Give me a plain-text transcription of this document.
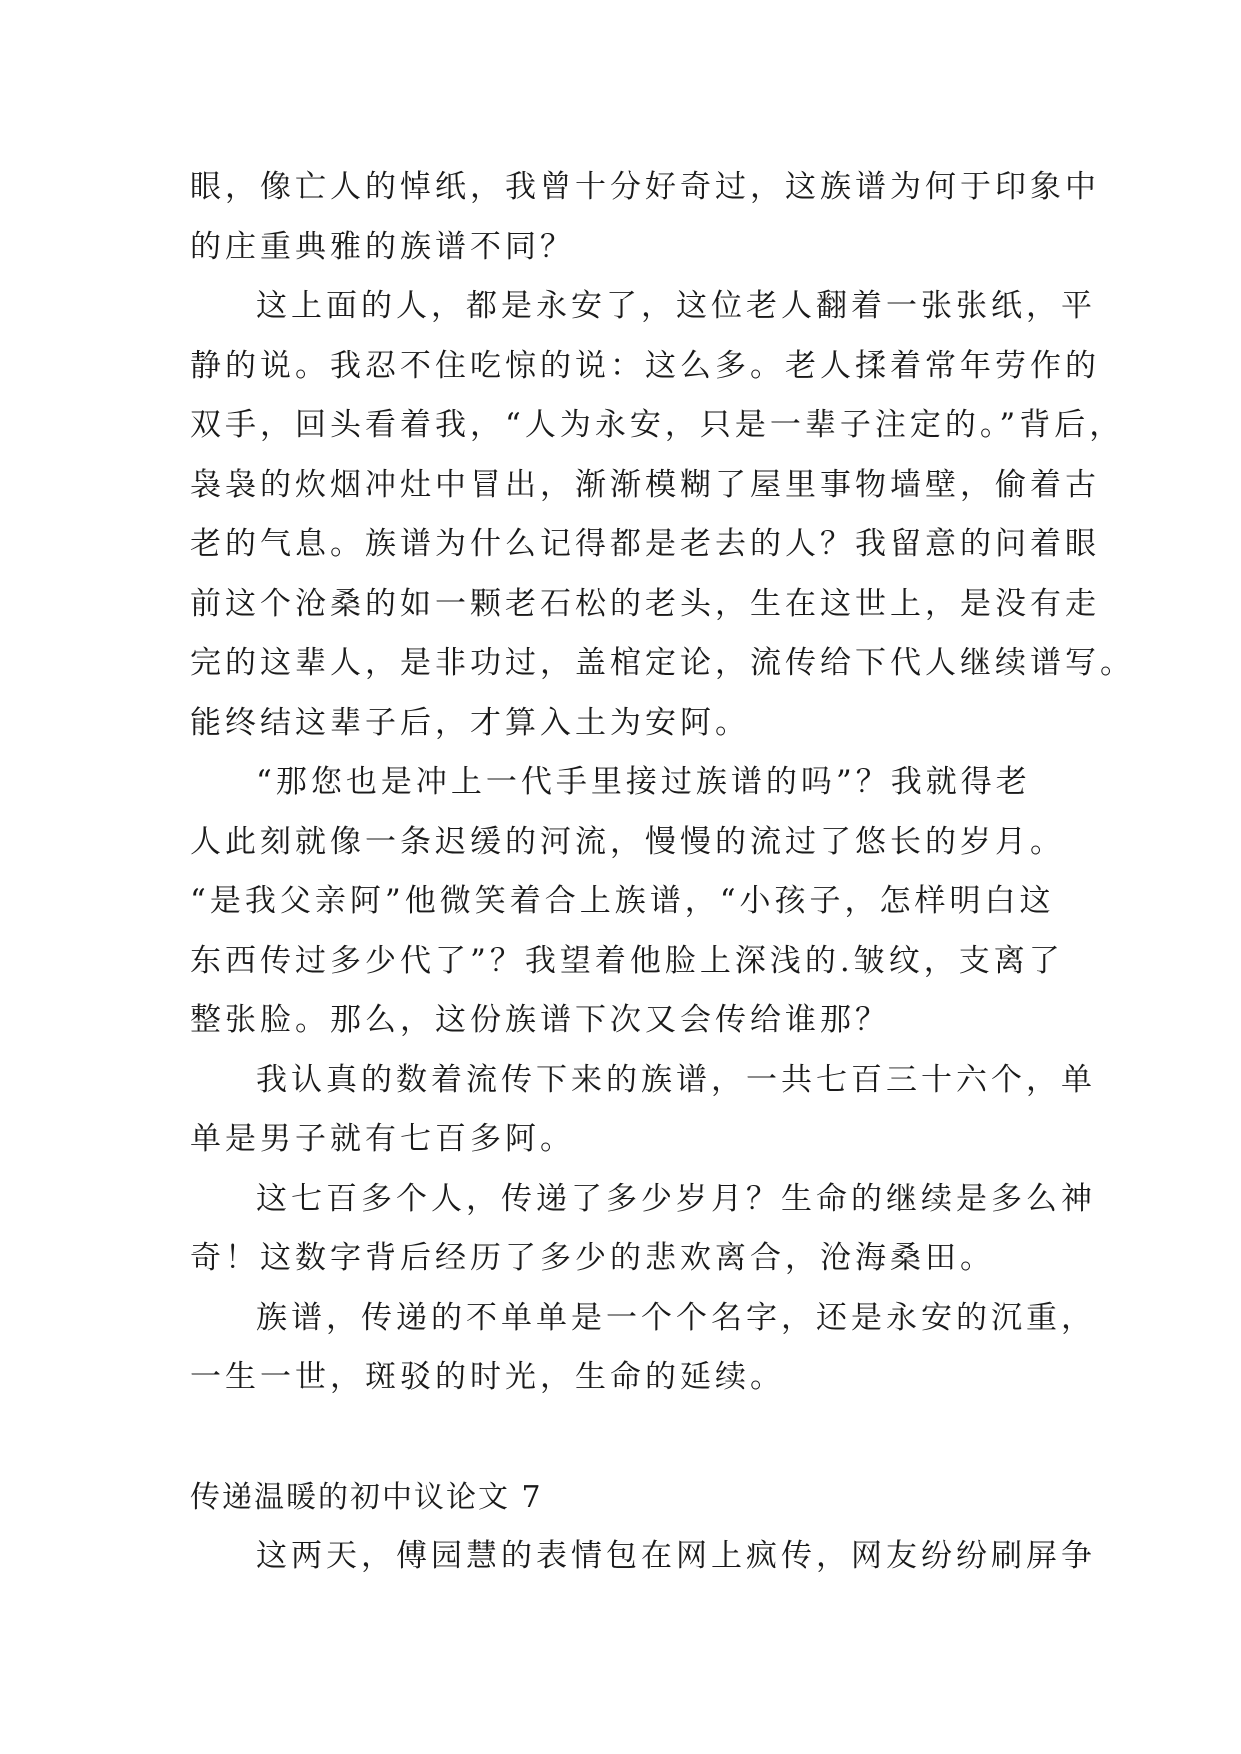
眼，像亡人的悼纸，我曾十分好奇过，这族谱为何于印象中
的庄重典雅的族谱不同？
这上面的人，都是永安了，这位老人翻着一张张纸，平
静的说。我忍不住吃惊的说：这么多。老人揉着常年劳作的
双手，回头看着我，“人为永安，只是一辈子注定的。”背后，
袅袅的炊烟冲灶中冒出，渐渐模糊了屋里事物墙壁，偷着古
老的气息。族谱为什么记得都是老去的人？我留意的问着眼
前这个沧桑的如一颗老石松的老头，生在这世上，是没有走
完的这辈人，是非功过，盖棺定论，流传给下代人继续谱写。
能终结这辈子后，才算入土为安阿。
“那您也是冲上一代手里接过族谱的吗”？我就得老
人此刻就像一条迟缓的河流，慢慢的流过了悠长的岁月。
“是我父亲阿”他微笑着合上族谱，“小孩子，怎样明白这
东西传过多少代了”？我望着他脸上深浅的.皱纹，支离了
整张脸。那么，这份族谱下次又会传给谁那？
我认真的数着流传下来的族谱，一共七百三十六个，单
单是男子就有七百多阿。
这七百多个人，传递了多少岁月？生命的继续是多么神
奇！这数字背后经历了多少的悲欢离合，沧海桑田。
族谱，传递的不单单是一个个名字，还是永安的沉重，
一生一世，斑驳的时光，生命的延续。
传递温暖的初中议论文 7
这两天，傅园慧的表情包在网上疯传，网友纷纷刷屏争
